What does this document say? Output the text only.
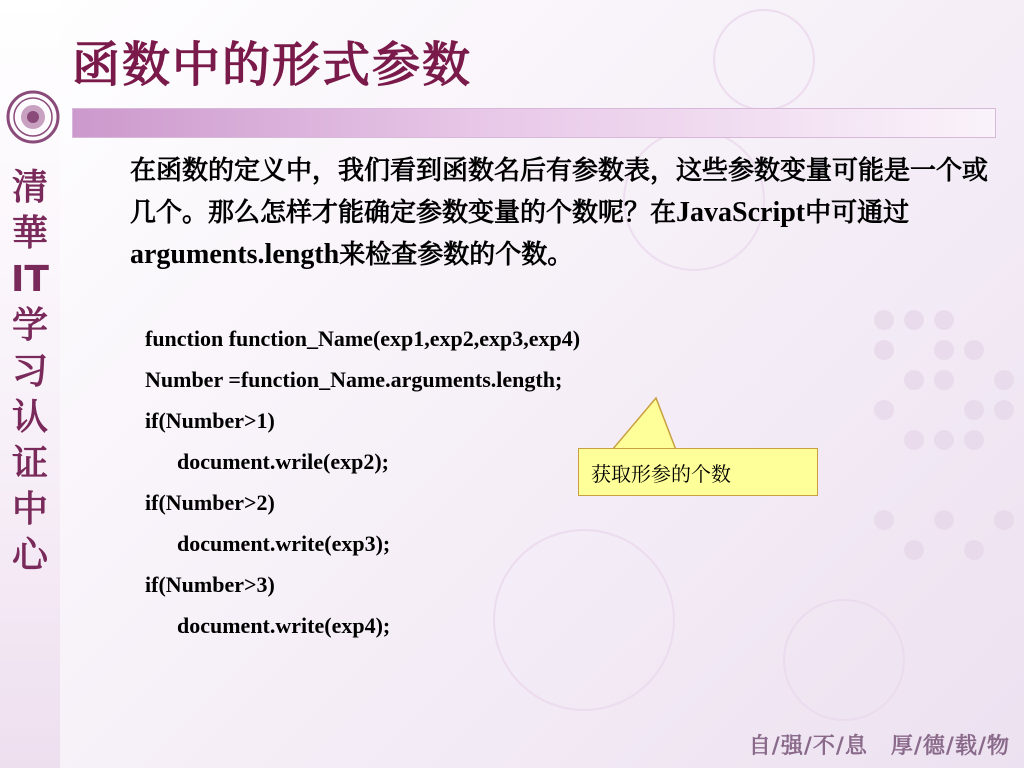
清
華
IT
学
习
认
证
中
心
函数中的形式参数

在函数的定义中，我们看到函数名后有参数表，这些参数变量可能是一个或几个。那么怎样才能确定参数变量的个数呢？在JavaScript中可通过arguments.length来检查参数的个数。

function function_Name(exp1,exp2,exp3,exp4)
Number =function_Name.arguments.length;
if(Number>1)
document.wrile(exp2);
if(Number>2)
document.write(exp3);
if(Number>3)
document.write(exp4);
获取形参的个数
自/强/不/息　厚/德/载/物
